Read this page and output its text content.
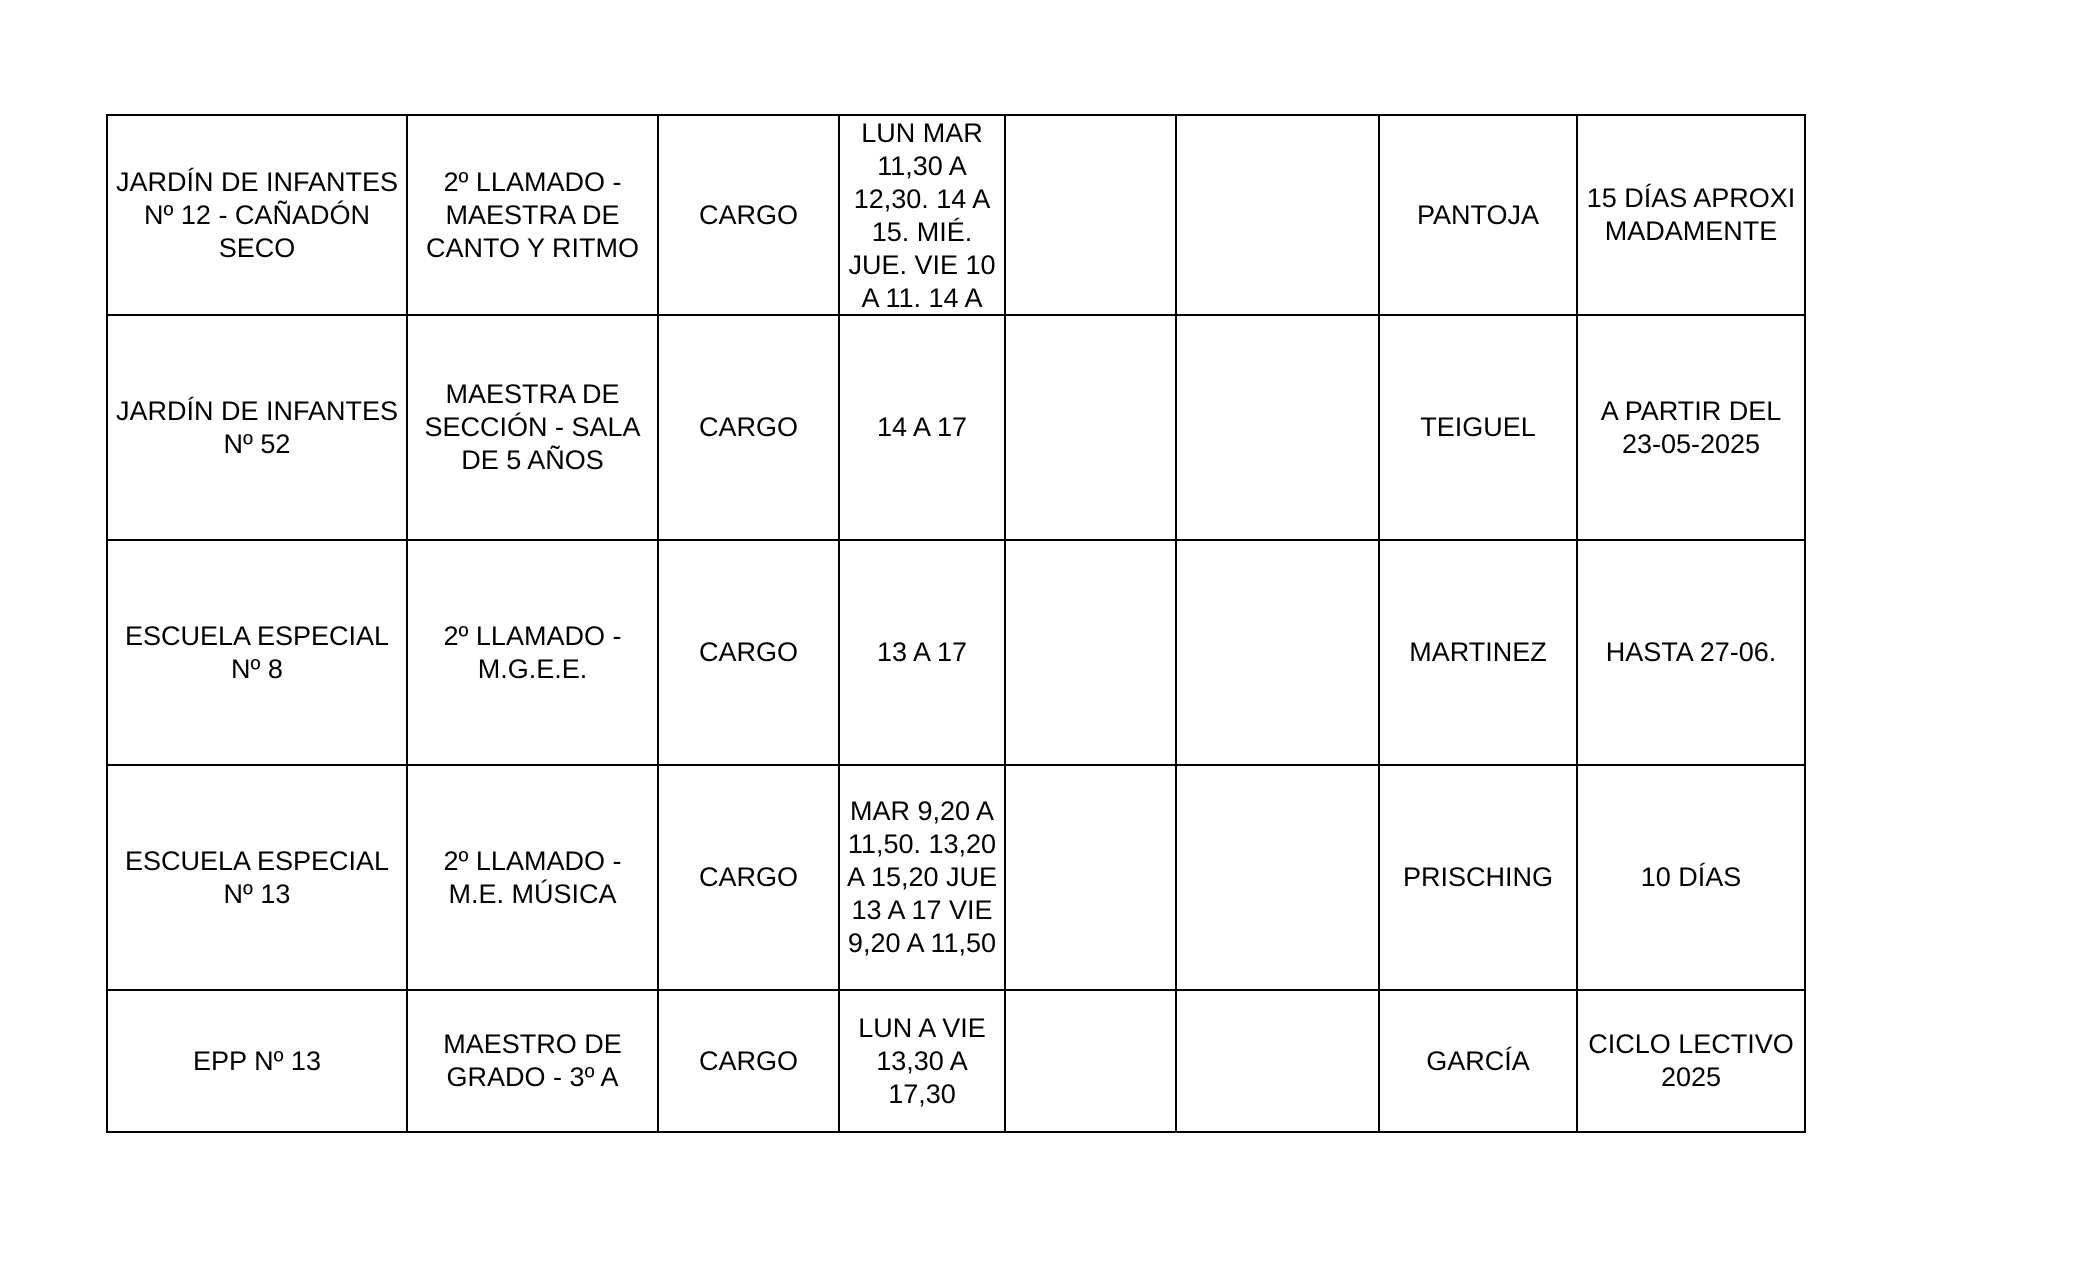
JARDÍN DE INFANTES Nº 12 - CAÑADÓN SECO	2º LLAMADO - MAESTRA DE CANTO Y RITMO	CARGO	LUN MAR 11,30 A 12,30. 14 A 15. MIÉ. JUE. VIE 10 A 11. 14 A			PANTOJA	15 DÍAS APROXIMADAMENTE

JARDÍN DE INFANTES Nº 52	MAESTRA DE SECCIÓN - SALA DE 5 AÑOS	CARGO	14 A 17			TEIGUEL	A PARTIR DEL 23-05-2025

ESCUELA ESPECIAL Nº 8	2º LLAMADO - M.G.E.E.	CARGO	13 A 17			MARTINEZ	HASTA 27-06.

ESCUELA ESPECIAL Nº 13	2º LLAMADO - M.E. MÚSICA	CARGO	MAR 9,20 A 11,50. 13,20 A 15,20 JUE 13 A 17 VIE 9,20 A 11,50			PRISCHING	10 DÍAS

EPP Nº 13	MAESTRO DE GRADO - 3º A	CARGO	LUN A VIE 13,30 A 17,30			GARCÍA	CICLO LECTIVO 2025
